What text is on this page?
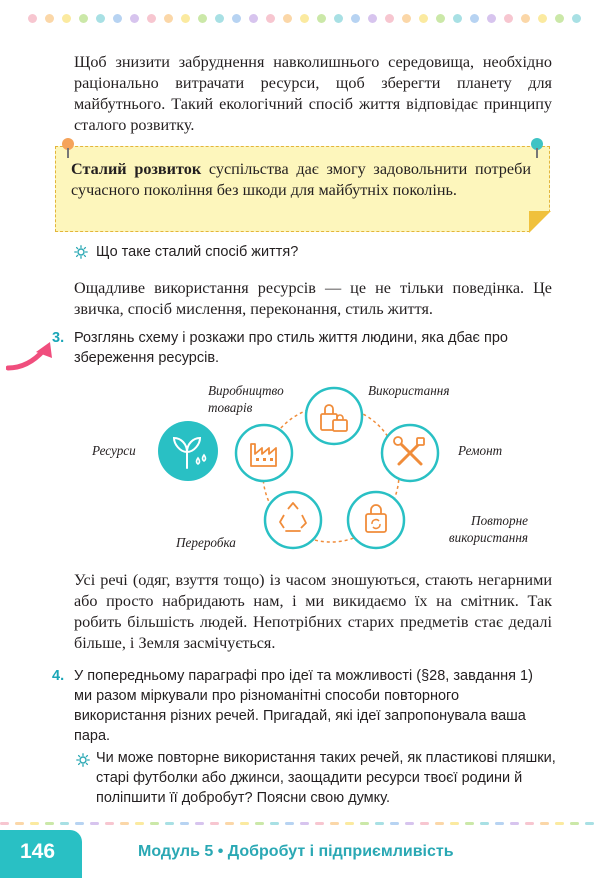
Щоб знизити забруднення навколишнього середовища, необхідно раціонально витрачати ресурси, щоб зберегти планету для майбутнього. Такий екологічний спосіб життя відповідає принципу сталого розвитку.

Сталий розвиток суспільства дає змогу задовольнити потреби сучасного покоління без шкоди для майбутніх поколінь.

Що таке сталий спосіб життя?

Ощадливе використання ресурсів — це не тільки поведінка. Це звичка, спосіб мислення, переконання, стиль життя.

3. Розглянь схему і розкажи про стиль життя людини, яка дбає про збереження ресурсів.

Ресурси
Виробництво товарів
Використання
Ремонт
Повторне використання
Переробка

Усі речі (одяг, взуття тощо) із часом зношуються, стають негарними або просто набридають нам, і ми викидаємо їх на смітник. Так робить більшість людей. Непотрібних старих предметів стає дедалі більше, і Земля засмічується.

4. У попередньому параграфі про ідеї та можливості (§28, завдання 1) ми разом міркували про різноманітні способи повторного використання різних речей. Пригадай, які ідеї запропонувала ваша пара.

Чи може повторне використання таких речей, як пластикові пляшки, старі футболки або джинси, заощадити ресурси твоєї родини й поліпшити її добробут? Поясни свою думку.

146	Модуль 5 • Добробут і підприємливість
